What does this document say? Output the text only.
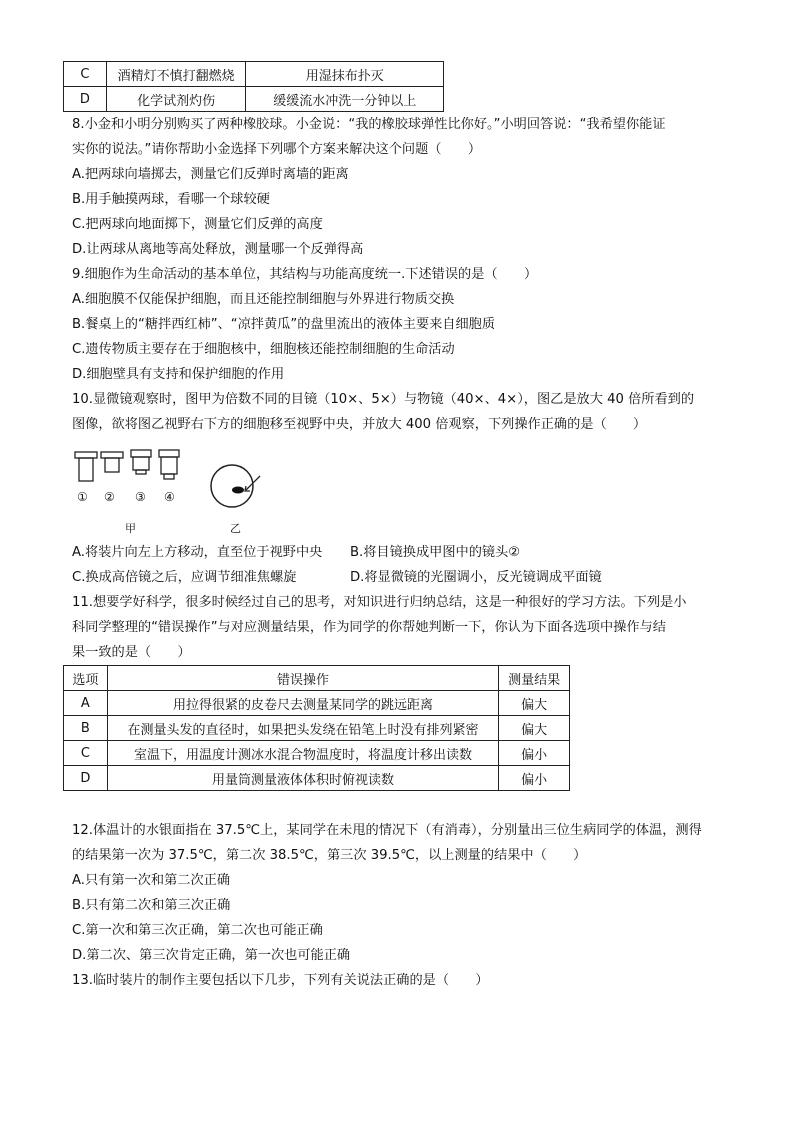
C	酒精灯不慎打翻燃烧	用湿抹布扑灭
D	化学试剂灼伤	缓缓流水冲洗一分钟以上
8.小金和小明分别购买了两种橡胶球。小金说：“我的橡胶球弹性比你好。”小明回答说：“我希望你能证
实你的说法。”请你帮助小金选择下列哪个方案来解决这个问题（　　）
A.把两球向墙掷去，测量它们反弹时离墙的距离
B.用手触摸两球，看哪一个球较硬
C.把两球向地面掷下，测量它们反弹的高度
D.让两球从离地等高处释放，测量哪一个反弹得高
9.细胞作为生命活动的基本单位，其结构与功能高度统一.下述错误的是（　　）
A.细胞膜不仅能保护细胞，而且还能控制细胞与外界进行物质交换
B.餐桌上的“糖拌西红柿”、“凉拌黄瓜”的盘里流出的液体主要来自细胞质
C.遗传物质主要存在于细胞核中，细胞核还能控制细胞的生命活动
D.细胞壁具有支持和保护细胞的作用
10.显微镜观察时，图甲为倍数不同的目镜（10×、5×）与物镜（40×、4×），图乙是放大 40 倍所看到的
图像，欲将图乙视野右下方的细胞移至视野中央，并放大 400 倍观察，下列操作正确的是（　　）
① ② ③ ④
甲	乙
A.将装片向左上方移动，直至位于视野中央 B.将目镜换成甲图中的镜头②
C.换成高倍镜之后，应调节细准焦螺旋	D.将显微镜的光圈调小，反光镜调成平面镜
11.想要学好科学，很多时候经过自己的思考，对知识进行归纳总结，这是一种很好的学习方法。下列是小
科同学整理的“错误操作”与对应测量结果，作为同学的你帮她判断一下，你认为下面各选项中操作与结
果一致的是（　　）
选项	错误操作	测量结果
A	用拉得很紧的皮卷尺去测量某同学的跳远距离	偏大
B	在测量头发的直径时，如果把头发绕在铅笔上时没有排列紧密	偏大
C	室温下，用温度计测冰水混合物温度时，将温度计移出读数	偏小
D	用量筒测量液体体积时俯视读数	偏小
12.体温计的水银面指在 37.5℃上，某同学在未甩的情况下（有消毒），分别量出三位生病同学的体温，测得
的结果第一次为 37.5℃，第二次 38.5℃，第三次 39.5℃，以上测量的结果中（　　）
A.只有第一次和第二次正确
B.只有第二次和第三次正确
C.第一次和第三次正确，第二次也可能正确
D.第二次、第三次肯定正确，第一次也可能正确
13.临时装片的制作主要包括以下几步，下列有关说法正确的是（　　）
